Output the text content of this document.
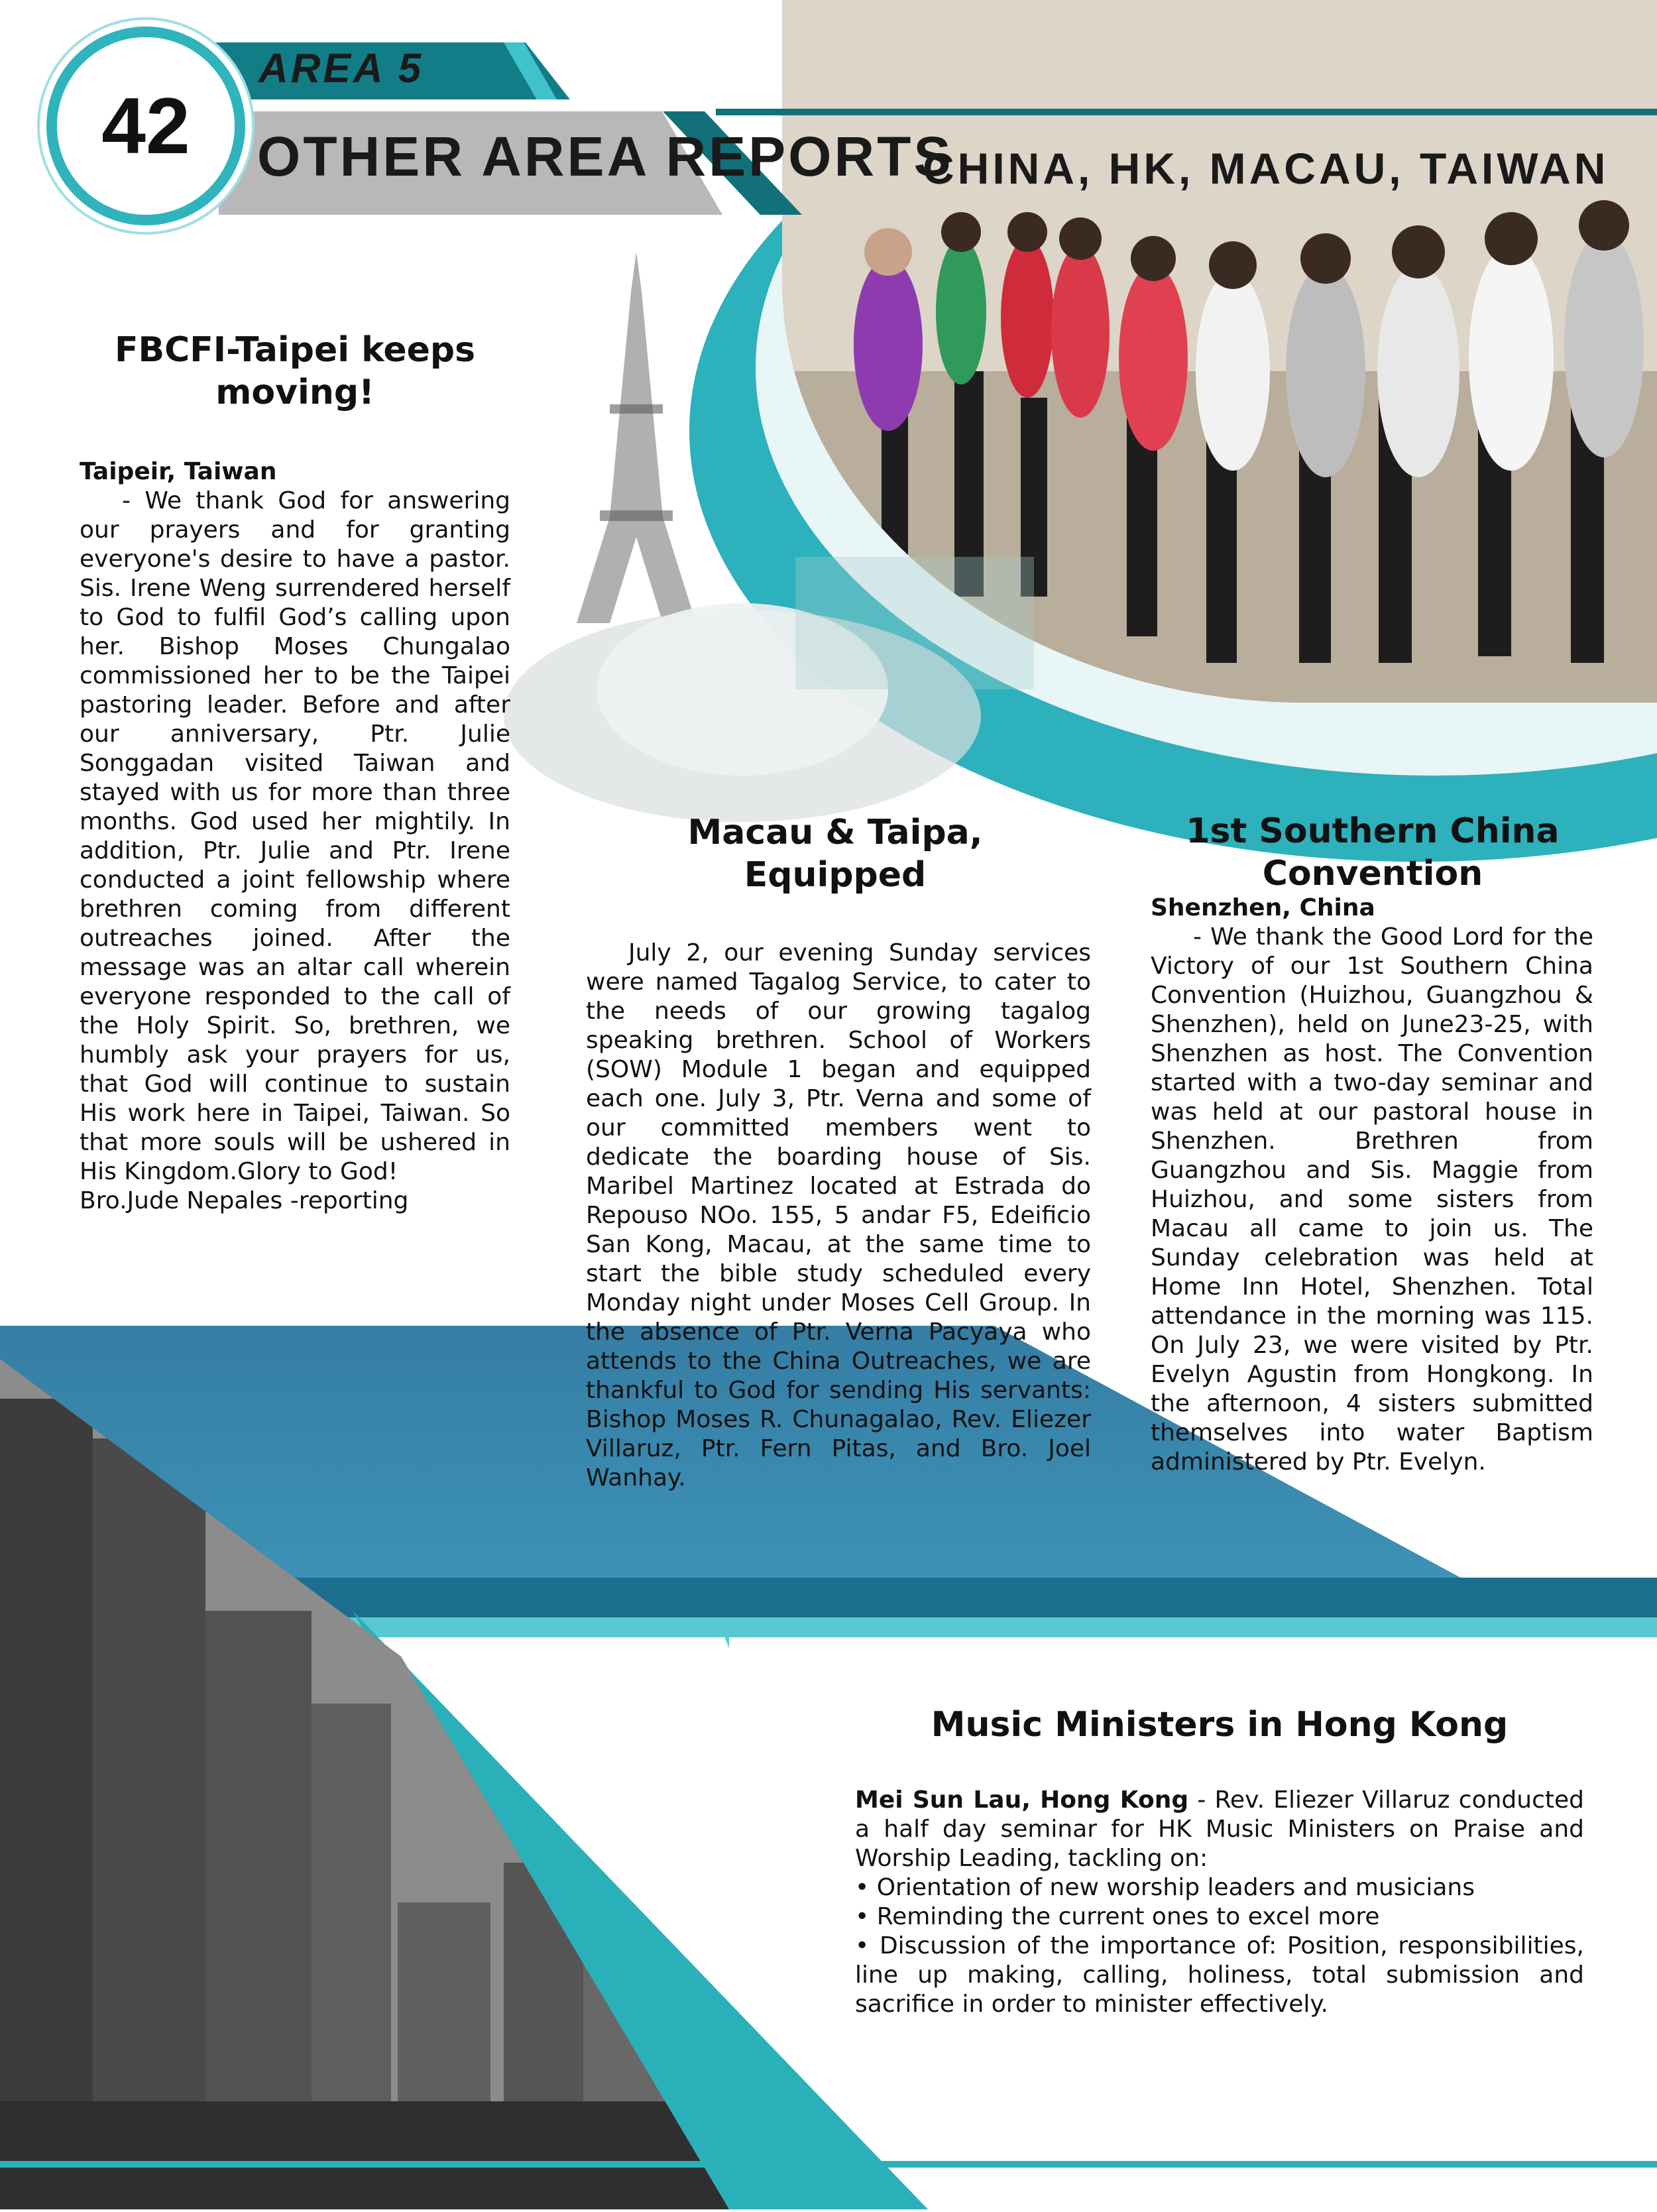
42
AREA 5
OTHER AREA REPORTS
CHINA, HK, MACAU, TAIWAN
FBCFI-Taipei keeps moving!

Taipeir, Taiwan

- We thank God for answering our prayers and for granting everyone's desire to have a pastor. Sis. Irene Weng surrendered herself to God to fulfil God’s calling upon her. Bishop Moses Chungalao commissioned her to be the Taipei pastoring leader. Before and after our anniversary, Ptr. Julie Songgadan visited Taiwan and stayed with us for more than three months. God used her mightily. In addition, Ptr. Julie and Ptr. Irene conducted a joint fellowship where brethren coming from different outreaches joined. After the message was an altar call wherein everyone responded to the call of the Holy Spirit. So, brethren, we humbly ask your prayers for us, that God will continue to sustain His work here in Taipei, Taiwan. So that more souls will be ushered in His Kingdom.Glory to God!

Bro.Jude Nepales -reporting

Macau & Taipa, Equipped

July 2, our evening Sunday services were named Tagalog Service, to cater to the needs of our growing tagalog speaking brethren. School of Workers (SOW) Module 1 began and equipped each one. July 3, Ptr. Verna and some of our committed members went to dedicate the boarding house of Sis. Maribel Martinez located at Estrada do Repouso NOo. 155, 5 andar F5, Edeificio San Kong, Macau, at the same time to start the bible study scheduled every Monday night under Moses Cell Group. In the absence of Ptr. Verna Pacyaya who attends to the China Outreaches, we are thankful to God for sending His servants: Bishop Moses R. Chunagalao, Rev. Eliezer Villaruz, Ptr. Fern Pitas, and Bro. Joel Wanhay.

1st Southern China Convention

Shenzhen, China

- We thank the Good Lord for the Victory of our 1st Southern China Convention (Huizhou, Guangzhou & Shenzhen), held on June23-25, with Shenzhen as host. The Convention started with a two-day seminar and was held at our pastoral house in Shenzhen. Brethren from Guangzhou and Sis. Maggie from Huizhou, and some sisters from Macau all came to join us. The Sunday celebration was held at Home Inn Hotel, Shenzhen. Total attendance in the morning was 115. On July 23, we were visited by Ptr. Evelyn Agustin from Hongkong. In the afternoon, 4 sisters submitted themselves into water Baptism administered by Ptr. Evelyn.

Music Ministers in Hong Kong

Mei Sun Lau, Hong Kong - Rev. Eliezer Villaruz conducted a half day seminar for HK Music Ministers on Praise and Worship Leading, tackling on:

• Orientation of new worship leaders and musicians
• Reminding the current ones to excel more
• Discussion of the importance of: Position, responsibilities, line up making, calling, holiness, total submission and sacrifice in order to minister effectively.
